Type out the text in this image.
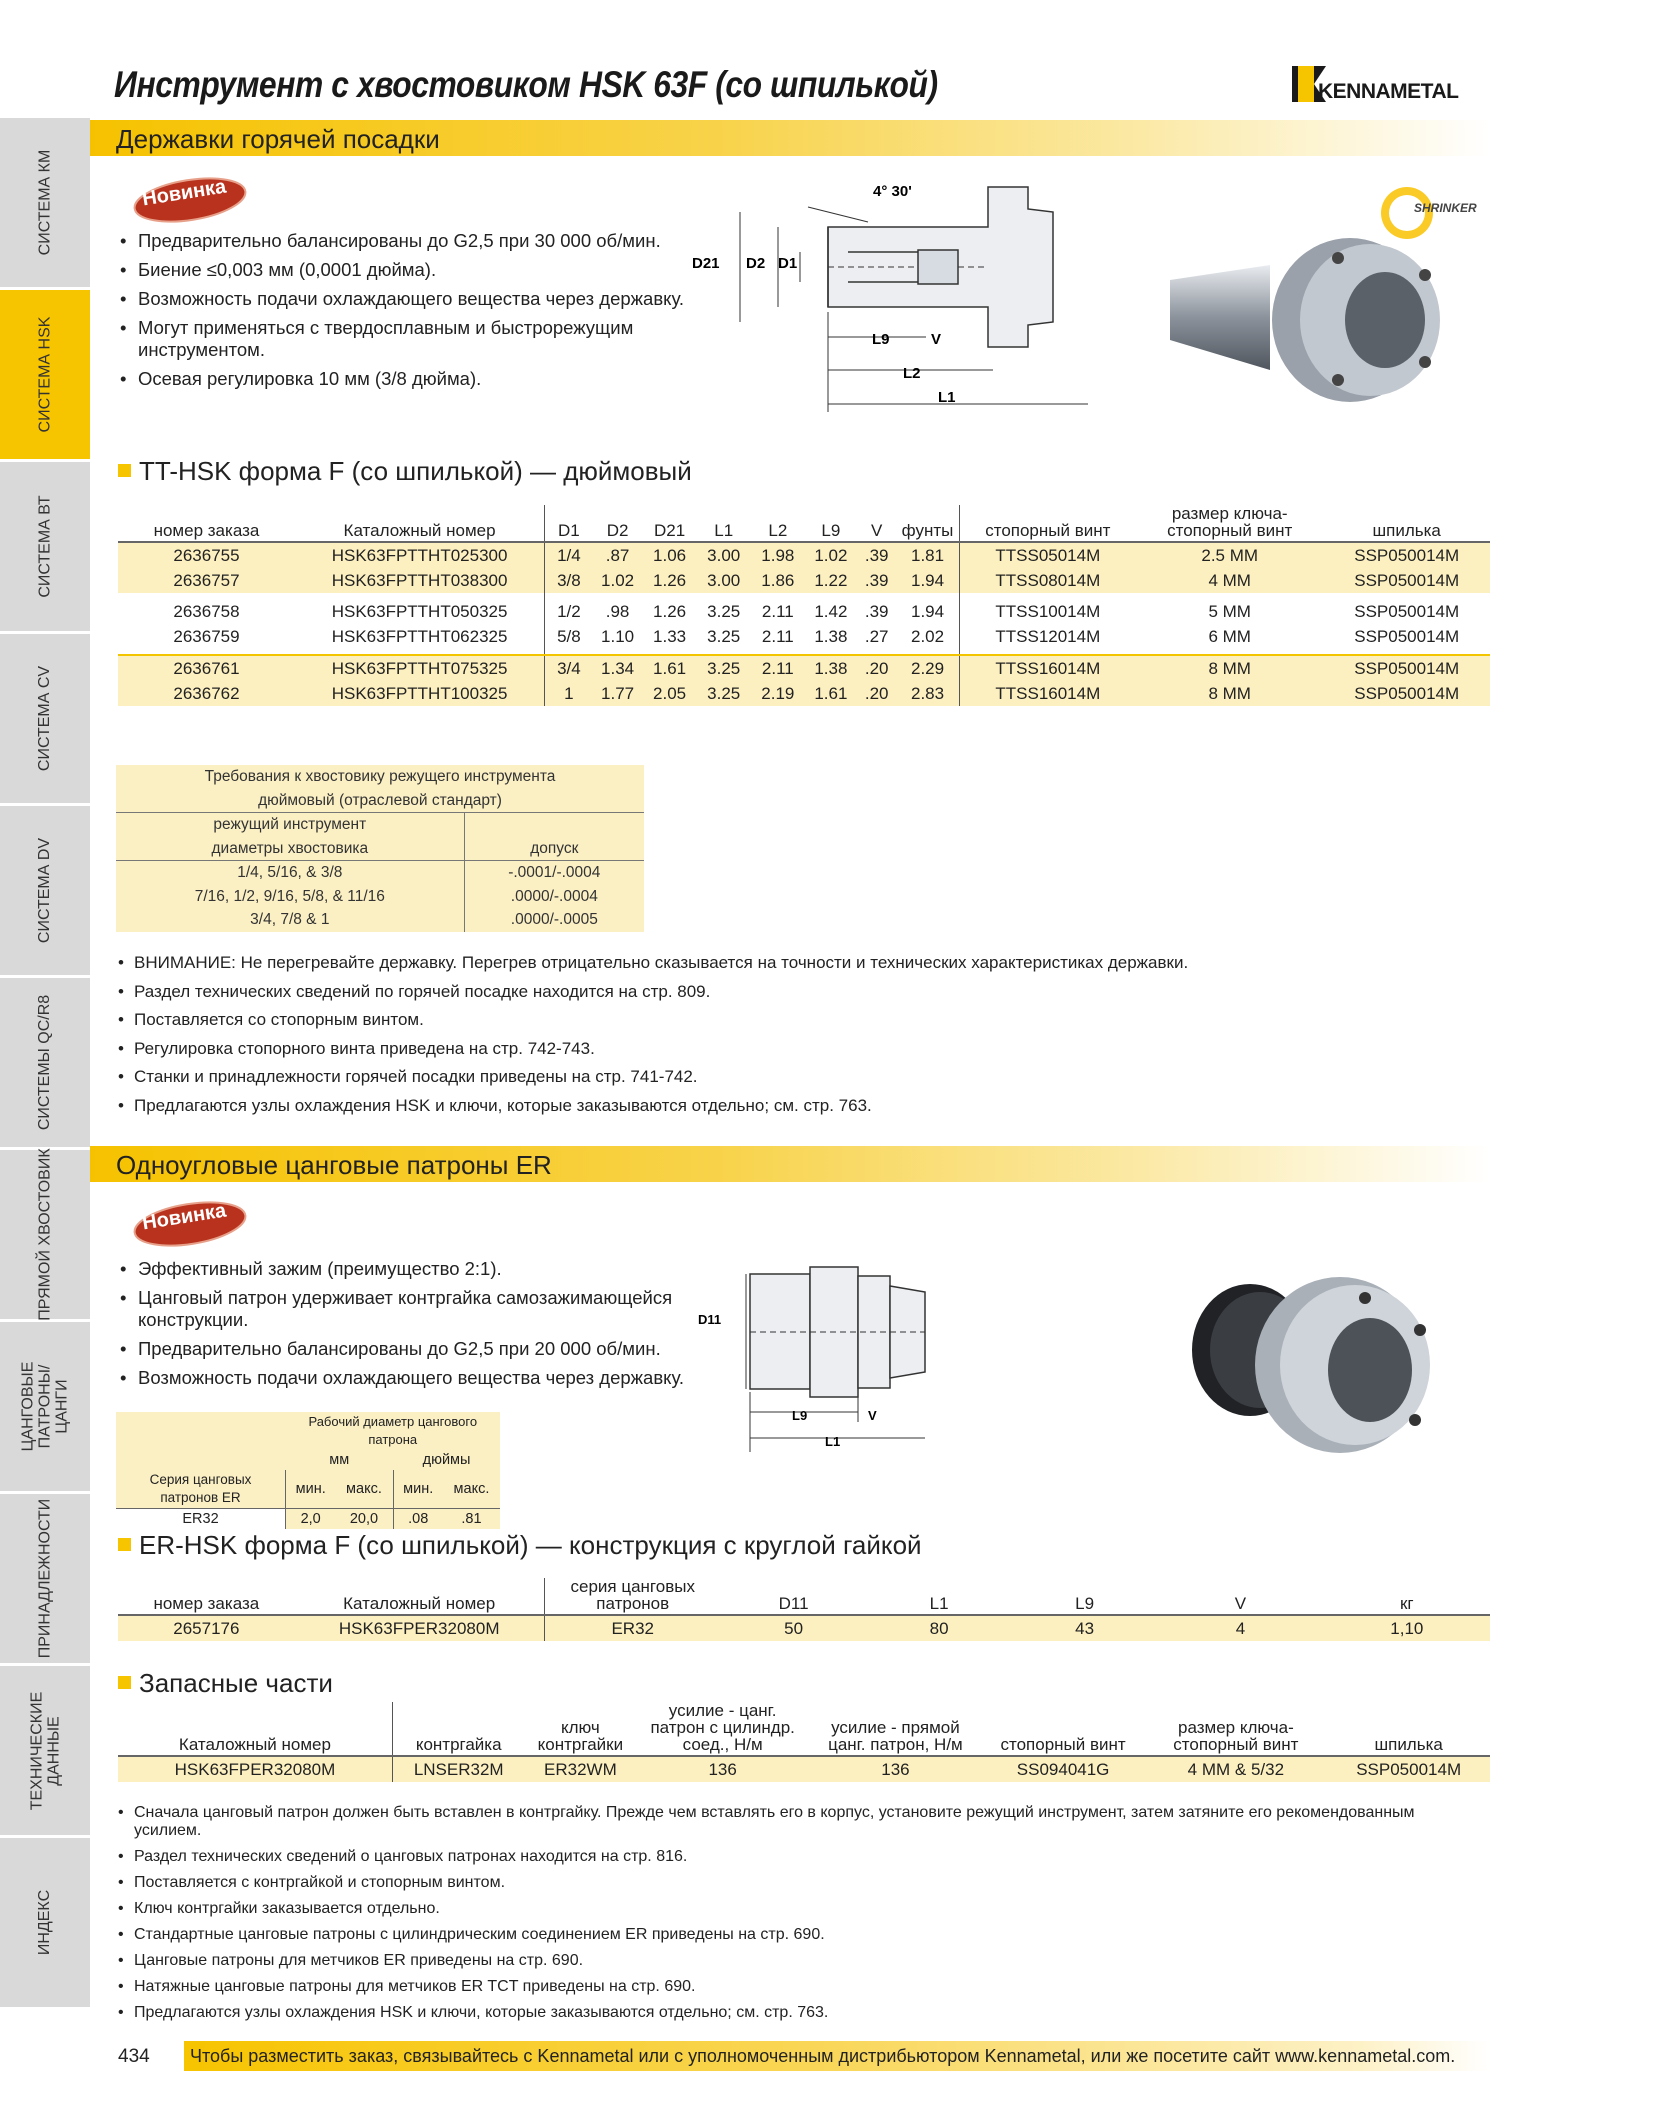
СИСТЕМА КМ
СИСТЕМА HSK
СИСТЕМА ВТ
СИСТЕМА CV
СИСТЕМА DV
СИСТЕМЫ QC/R8
ПРЯМОЙ ХВОСТОВИК
ЦАНГОВЫЕ ПАТРОНЫ/ЦАНГИ
ПРИНАДЛЕЖНОСТИ
ТЕХНИЧЕСКИЕ ДАННЫЕ
ИНДЕКС
Инструмент с хвостовиком HSK 63F (со шпилькой)	KENNAMETAL
Державки горячей посадки
Новинка
• Предварительно балансированы до G2,5 при 30 000 об/мин.
• Биение ≤0,003 мм (0,0001 дюйма).
• Возможность подачи охлаждающего вещества через державку.
• Могут применяться с твердосплавным и быстрорежущим инструментом.
• Осевая регулировка 10 мм (3/8 дюйма).
4° 30'
D21 D2 D1
L9	V
L2
L1
SHRINKER
TT-HSK форма F (со шпилькой) — дюймовый
номер заказа	Каталожный номер	D1	D2	D21	L1	L2	L9	V	фунты	стопорный винт	размер ключа-стопорный винт	шпилька
2636755	HSK63FPTTHT025300	1/4	.87	1.06	3.00	1.98	1.02	.39	1.81	TTSS05014M	2.5 MM	SSP050014M
2636757	HSK63FPTTHT038300	3/8	1.02	1.26	3.00	1.86	1.22	.39	1.94	TTSS08014M	4 MM	SSP050014M

2636758	HSK63FPTTHT050325	1/2	.98	1.26	3.25	2.11	1.42	.39	1.94	TTSS10014M	5 MM	SSP050014M
2636759	HSK63FPTTHT062325	5/8	1.10	1.33	3.25	2.11	1.38	.27	2.02	TTSS12014M	6 MM	SSP050014M

2636761	HSK63FPTTHT075325	3/4	1.34	1.61	3.25	2.11	1.38	.20	2.29	TTSS16014M	8 MM	SSP050014M
2636762	HSK63FPTTHT100325	1	1.77	2.05	3.25	2.19	1.61	.20	2.83	TTSS16014M	8 MM	SSP050014M
Требования к хвостовику режущего инструмента	
дюймовый (отраслевой стандарт)	
режущий инструмент	
диаметры хвостовика	допуск
1/4, 5/16, & 3/8	-.0001/-.0004
7/16, 1/2, 9/16, 5/8, & 11/16	.0000/-.0004
3/4, 7/8 & 1	.0000/-.0005
• ВНИМАНИЕ: Не перегревайте державку. Перегрев отрицательно сказывается на точности и технических характеристиках державки.
• Раздел технических сведений по горячей посадке находится на стр. 809.
• Поставляется со стопорным винтом.
• Регулировка стопорного винта приведена на стр. 742-743.
• Станки и принадлежности горячей посадки приведены на стр. 741-742.
• Предлагаются узлы охлаждения HSK и ключи, которые заказываются отдельно; см. стр. 763.
Одноугловые цанговые патроны ER
Новинка
• Эффективный зажим (преимущество 2:1).
• Цанговый патрон удерживает контргайка самозажимающейся конструкции.
• Предварительно балансированы до G2,5 при 20 000 об/мин.
• Возможность подачи охлаждающего вещества через державку.
D11
L9	V
L1
	Рабочий диаметр цангового патрона			
	мм		дюймы	
Серия цанговых патронов ER	мин.	макс.	мин.	макс.
ER32	2,0	20,0	.08	.81
ER-HSK форма F (со шпилькой) — конструкция с круглой гайкой
номер заказа	Каталожный номер	серия цанговых патронов	D11	L1	L9	V	кг
2657176	HSK63FPER32080M	ER32	50	80	43	4	1,10
Запасные части
Каталожный номер	контргайка	ключ контргайки	усилие - цанг. патрон с цилиндр. соед., Н/м	усилие - прямой цанг. патрон, Н/м	стопорный винт	размер ключа-стопорный винт	шпилька
HSK63FPER32080M	LNSER32M	ER32WM	136	136	SS094041G	4 MM & 5/32	SSP050014M
• Сначала цанговый патрон должен быть вставлен в контргайку. Прежде чем вставлять его в корпус, установите режущий инструмент, затем затяните его рекомендованным усилием.
• Раздел технических сведений о цанговых патронах находится на стр. 816.
• Поставляется с контргайкой и стопорным винтом.
• Ключ контргайки заказывается отдельно.
• Стандартные цанговые патроны с цилиндрическим соединением ER приведены на стр. 690.
• Цанговые патроны для метчиков ER приведены на стр. 690.
• Натяжные цанговые патроны для метчиков ER TCT приведены на стр. 690.
• Предлагаются узлы охлаждения HSK и ключи, которые заказываются отдельно; см. стр. 763.
434 Чтобы разместить заказ, связывайтесь с Kennametal или с уполномоченным дистрибьютором Kennametal, или же посетите сайт www.kennametal.com.
